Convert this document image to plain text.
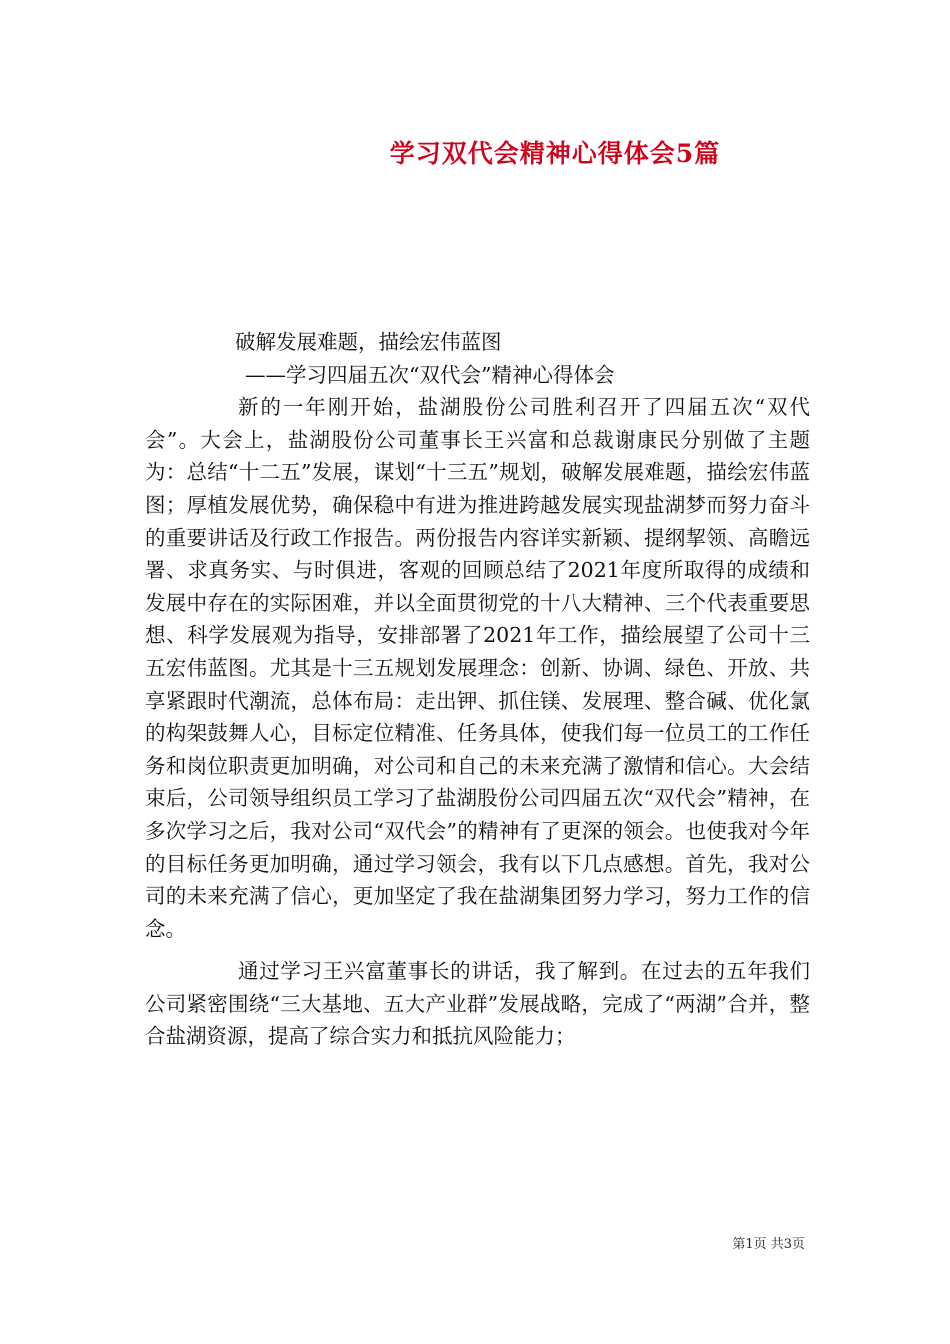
学习双代会精神心得体会5篇

破解发展难题，描绘宏伟蓝图

——学习四届五次“双代会”精神心得体会

新的一年刚开始，盐湖股份公司胜利召开了四届五次“双代会”。大会上，盐湖股份公司董事长王兴富和总裁谢康民分别做了主题为：总结“十二五”发展，谋划“十三五”规划，破解发展难题，描绘宏伟蓝图；厚植发展优势，确保稳中有进为推进跨越发展实现盐湖梦而努力奋斗的重要讲话及行政工作报告。两份报告内容详实新颖、提纲挈领、高瞻远署、求真务实、与时俱进，客观的回顾总结了2021年度所取得的成绩和发展中存在的实际困难，并以全面贯彻党的十八大精神、三个代表重要思想、科学发展观为指导，安排部署了2021年工作，描绘展望了公司十三五宏伟蓝图。尤其是十三五规划发展理念：创新、协调、绿色、开放、共享紧跟时代潮流，总体布局：走出钾、抓住镁、发展理、整合碱、优化氯的构架鼓舞人心，目标定位精准、任务具体，使我们每一位员工的工作任务和岗位职责更加明确，对公司和自己的未来充满了激情和信心。大会结束后，公司领导组织员工学习了盐湖股份公司四届五次“双代会”精神，在多次学习之后，我对公司“双代会”的精神有了更深的领会。也使我对今年的目标任务更加明确，通过学习领会，我有以下几点感想。首先，我对公司的未来充满了信心，更加坚定了我在盐湖集团努力学习，努力工作的信念。

通过学习王兴富董事长的讲话，我了解到。在过去的五年我们公司紧密围绕“三大基地、五大产业群”发展战略，完成了“两湖”合并，整合盐湖资源，提高了综合实力和抵抗风险能力；

第1页 共3页
